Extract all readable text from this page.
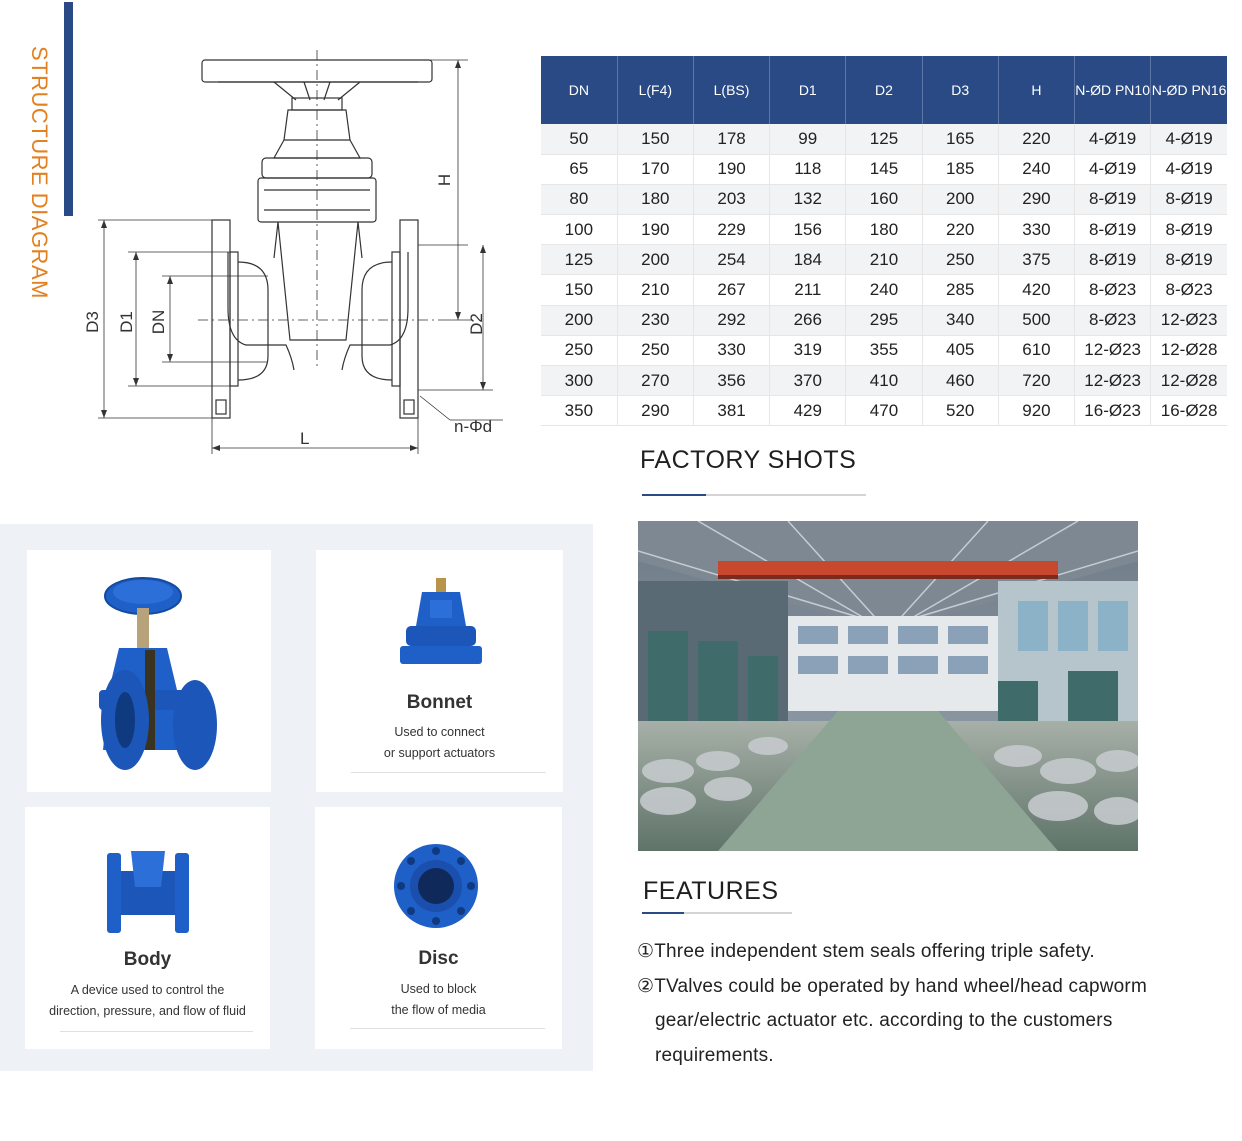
STRUCTURE DIAGRAM	H
D3 D1 DN	D2
L
n-Φd
DN	L(F4)	L(BS)	D1	D2	D3	H	N-ØD PN10	N-ØD PN16
50	150	178	99	125	165	220	4-Ø19	4-Ø19
65	170	190	118	145	185	240	4-Ø19	4-Ø19
80	180	203	132	160	200	290	8-Ø19	8-Ø19
100	190	229	156	180	220	330	8-Ø19	8-Ø19
125	200	254	184	210	250	375	8-Ø19	8-Ø19
150	210	267	211	240	285	420	8-Ø23	8-Ø23
200	230	292	266	295	340	500	8-Ø23	12-Ø23
250	250	330	319	355	405	610	12-Ø23	12-Ø28
300	270	356	370	410	460	720	12-Ø23	12-Ø28
350	290	381	429	470	520	920	16-Ø23	16-Ø28
FACTORY SHOTS
Bonnet
Used to connect
or support actuators
Body
A device used to control the
direction, pressure, and flow of fluid
Disc
Used to block
the flow of media
FEATURES
①Three independent stem seals offering triple safety.
②TValves could be operated by hand wheel/head capworm
gear/electric actuator etc. according to the customers
requirements.
